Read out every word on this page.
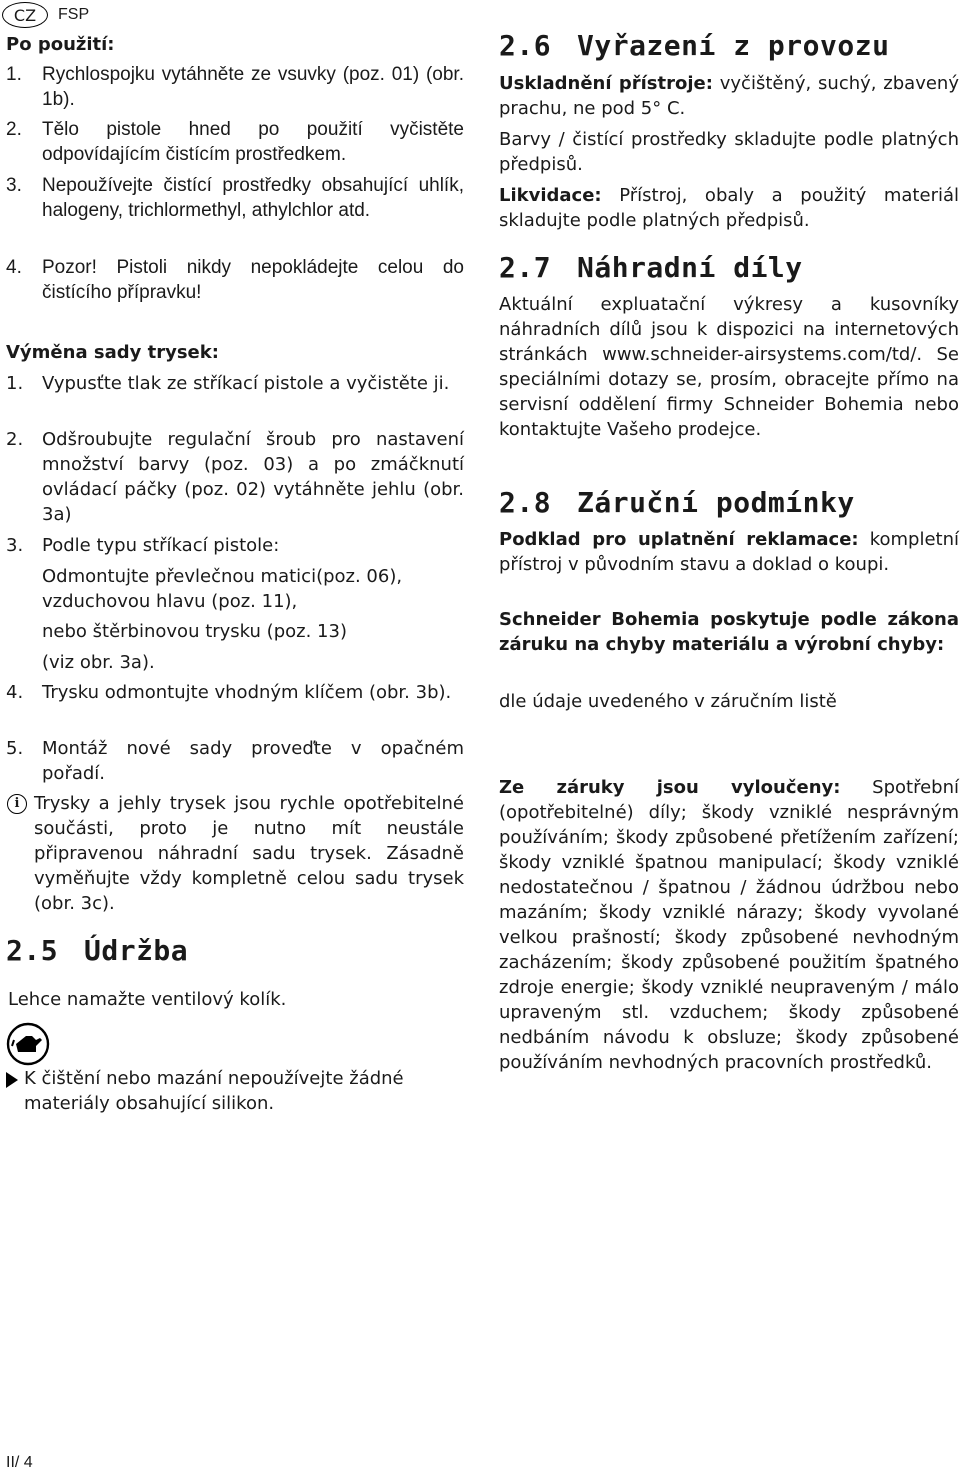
CZ	FSP
Po použití:
1. Rychlospojku vytáhněte ze vsuvky (poz. 01) (obr. 1b).
2. Tělo pistole hned po použití vyčistěte odpovídajícím čistícím prostředkem.
3. Nepoužívejte čistící prostředky obsahující uhlík, halogeny, trichlormethyl, athylchlor atd.
4. Pozor! Pistoli nikdy nepokládejte celou do čistícího přípravku!
Výměna sady trysek:
1. Vypusťte tlak ze stříkací pistole a vyčistěte ji.
2. Odšroubujte regulační šroub pro nastavení množství barvy (poz. 03) a po zmáčknutí ovládací páčky (poz. 02) vytáhněte jehlu (obr. 3a)
3. Podle typu stříkací pistole:
Odmontujte převlečnou matici(poz. 06),
vzduchovou hlavu (poz. 11),
nebo štěrbinovou trysku (poz. 13)
(viz obr. 3a).
4. Trysku odmontujte vhodným klíčem (obr. 3b).
5. Montáž nové sady proveďte v opačném pořadí.
i Trysky a jehly trysek jsou rychle opotřebitelné součásti, proto je nutno mít neustále připravenou náhradní sadu trysek. Zásadně vyměňujte vždy kompletně celou sadu trysek (obr. 3c).
2.5 Údržba
Lehce namažte ventilový kolík.
K čištění nebo mazání nepoužívejte žádné materiály obsahující silikon.
2.6 Vyřazení z provozu
Uskladnění přístroje: vyčištěný, suchý, zbavený prachu, ne pod 5° C.
Barvy / čistící prostředky skladujte podle platných předpisů.
Likvidace: Přístroj, obaly a použitý materiál skladujte podle platných předpisů.
2.7 Náhradní díly
Aktuální expluatační výkresy a kusovníky náhradních dílů jsou k dispozici na internetových stránkách www.schneider-airsystems.com/td/. Se speciálními dotazy se, prosím, obracejte přímo na servisní oddělení firmy Schneider Bohemia nebo kontaktujte Vašeho prodejce.
2.8 Záruční podmínky
Podklad pro uplatnění reklamace: kompletní přístroj v původním stavu a doklad o koupi.
Schneider Bohemia poskytuje podle zákona záruku na chyby materiálu a výrobní chyby:
dle údaje uvedeného v záručním listě
Ze záruky jsou vyloučeny: Spotřební (opotřebitelné) díly; škody vzniklé nesprávným používáním; škody způsobené přetížením zařízení; škody vzniklé špatnou manipulací; škody vzniklé nedostatečnou / špatnou / žádnou údržbou nebo mazáním; škody vzniklé nárazy; škody vyvolané velkou prašností; škody způsobené nevhodným zacházením; škody způsobené použitím špatného zdroje energie; škody vzniklé neupraveným / málo upraveným stl. vzduchem; škody způsobené nedbáním návodu k obsluze; škody způsobené používáním nevhodných pracovních prostředků.
II/ 4
